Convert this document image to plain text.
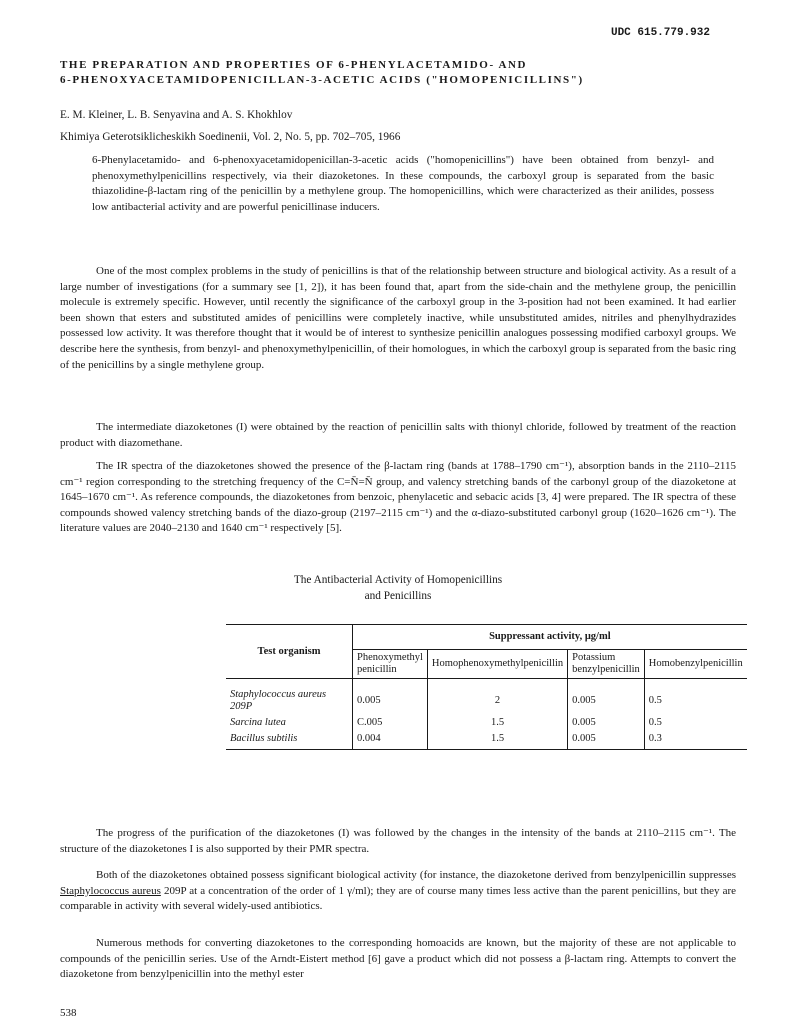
UDC 615.779.932
THE PREPARATION AND PROPERTIES OF 6-PHENYLACETAMIDO- AND
6-PHENOXYACETAMIDOPENICILLAN-3-ACETIC ACIDS ("HOMOPENICILLINS")
E. M. Kleiner, L. B. Senyavina and A. S. Khokhlov
Khimiya Geterotsiklicheskikh Soedinenii, Vol. 2, No. 5, pp. 702–705, 1966
6-Phenylacetamido- and 6-phenoxyacetamidopenicillan-3-acetic acids ("homopenicillins") have been obtained from benzyl- and phenoxymethylpenicillins respectively, via their diazoketones. In these compounds, the carboxyl group is separated from the basic thiazolidine-β-lactam ring of the penicillin by a methylene group. The homopenicillins, which were characterized as their anilides, possess low antibacterial activity and are powerful penicillinase inducers.

One of the most complex problems in the study of penicillins is that of the relationship between structure and biological activity. As a result of a large number of investigations (for a summary see [1, 2]), it has been found that, apart from the side-chain and the methylene group, the penicillin molecule is extremely specific. However, until recently the significance of the carboxyl group in the 3-position had not been examined. It had earlier been shown that esters and substituted amides of penicillins were completely inactive, while unsubstituted amides, nitriles and phenylhydrazides possessed low activity. It was therefore thought that it would be of interest to synthesize penicillin analogues possessing modified carboxyl groups. We describe here the synthesis, from benzyl- and phenoxymethylpenicillin, of their homologues, in which the carboxyl group is separated from the basic ring of the penicillins by a single methylene group.

The intermediate diazoketones (I) were obtained by the reaction of penicillin salts with thionyl chloride, followed by treatment of the reaction product with diazomethane.

The IR spectra of the diazoketones showed the presence of the β-lactam ring (bands at 1788–1790 cm⁻¹), absorption bands in the 2110–2115 cm⁻¹ region corresponding to the stretching frequency of the C=N̄=N̄ group, and valency stretching bands of the carbonyl group of the diazoketone at 1645–1670 cm⁻¹. As reference compounds, the diazoketones from benzoic, phenylacetic and sebacic acids [3, 4] were prepared. The IR spectra of these compounds showed valency stretching bands of the diazo-group (2197–2115 cm⁻¹) and the α-diazo-substituted carbonyl group (1620–1626 cm⁻¹). The literature values are 2040–2130 and 1640 cm⁻¹ respectively [5].

The Antibacterial Activity of Homopenicillins
and Penicillins
Test organism	Suppressant activity, μg/ml			
	Phenoxymethyl penicillin	Homophenoxymethylpenicillin	Potassium benzylpenicillin	Homobenzylpenicillin
Staphylococcus aureus 209P	0.005	2	0.005	0.5
Sarcina lutea	C.005	1.5	0.005	0.5
Bacillus subtilis	0.004	1.5	0.005	0.3

The progress of the purification of the diazoketones (I) was followed by the changes in the intensity of the bands at 2110–2115 cm⁻¹. The structure of the diazoketones I is also supported by their PMR spectra.

Both of the diazoketones obtained possess significant biological activity (for instance, the diazoketone derived from benzylpenicillin suppresses Staphylococcus aureus 209P at a concentration of the order of 1 γ/ml); they are of course many times less active than the parent penicillins, but they are comparable in activity with several widely-used antibiotics.

Numerous methods for converting diazoketones to the corresponding homoacids are known, but the majority of these are not applicable to compounds of the penicillin series. Use of the Arndt-Eistert method [6] gave a product which did not possess a β-lactam ring. Attempts to convert the diazoketone from benzylpenicillin into the methyl ester

538
